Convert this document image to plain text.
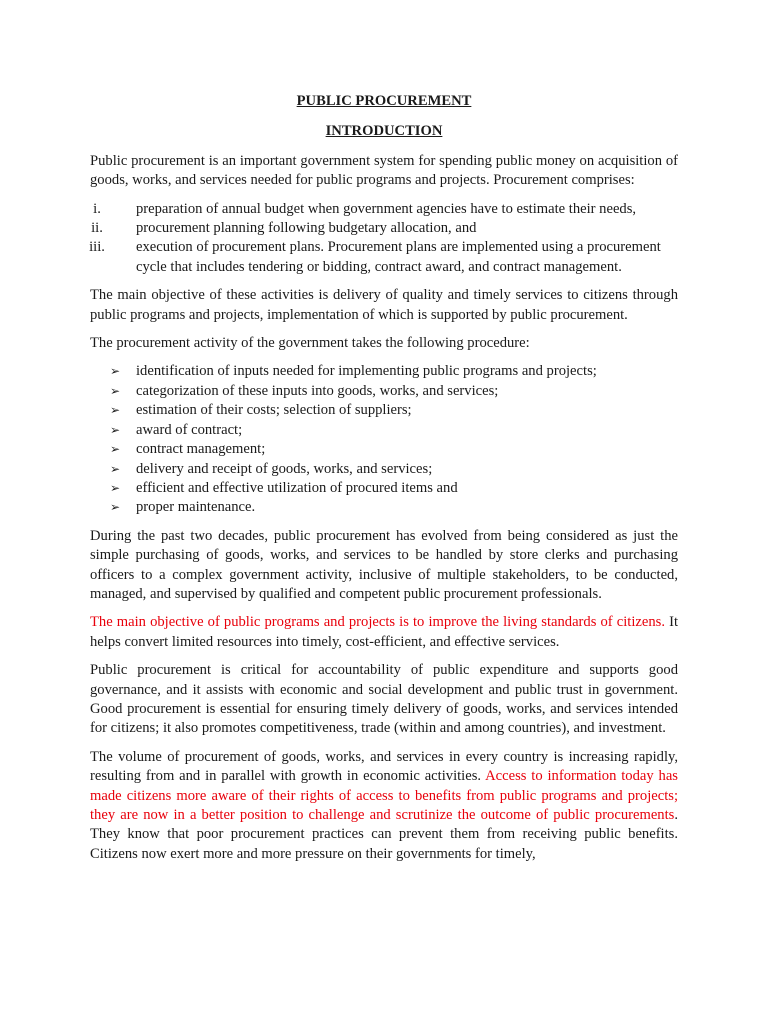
PUBLIC PROCUREMENT

INTRODUCTION

Public procurement is an important government system for spending public money on acquisition of goods, works, and services needed for public programs and projects. Procurement comprises:

i.	preparation of annual budget when government agencies have to estimate their needs,
ii.	procurement planning following budgetary allocation, and
iii.	execution of procurement plans. Procurement plans are implemented using a procurement cycle that includes tendering or bidding, contract award, and contract management.

The main objective of these activities is delivery of quality and timely services to citizens through public programs and projects, implementation of which is supported by public procurement.

The procurement activity of the government takes the following procedure:

➢	identification of inputs needed for implementing public programs and projects;
➢	categorization of these inputs into goods, works, and services;
➢	estimation of their costs; selection of suppliers;
➢	award of contract;
➢	contract management;
➢	delivery and receipt of goods, works, and services;
➢	efficient and effective utilization of procured items and
➢	proper maintenance.

During the past two decades, public procurement has evolved from being considered as just the simple purchasing of goods, works, and services to be handled by store clerks and purchasing officers to a complex government activity, inclusive of multiple stakeholders, to be conducted, managed, and supervised by qualified and competent public procurement professionals.

The main objective of public programs and projects is to improve the living standards of citizens. It helps convert limited resources into timely, cost-efficient, and effective services.

Public procurement is critical for accountability of public expenditure and supports good governance, and it assists with economic and social development and public trust in government. Good procurement is essential for ensuring timely delivery of goods, works, and services intended for citizens; it also promotes competitiveness, trade (within and among countries), and investment.

The volume of procurement of goods, works, and services in every country is increasing rapidly, resulting from and in parallel with growth in economic activities. Access to information today has made citizens more aware of their rights of access to benefits from public programs and projects; they are now in a better position to challenge and scrutinize the outcome of public procurements. They know that poor procurement practices can prevent them from receiving public benefits. Citizens now exert more and more pressure on their governments for timely,
